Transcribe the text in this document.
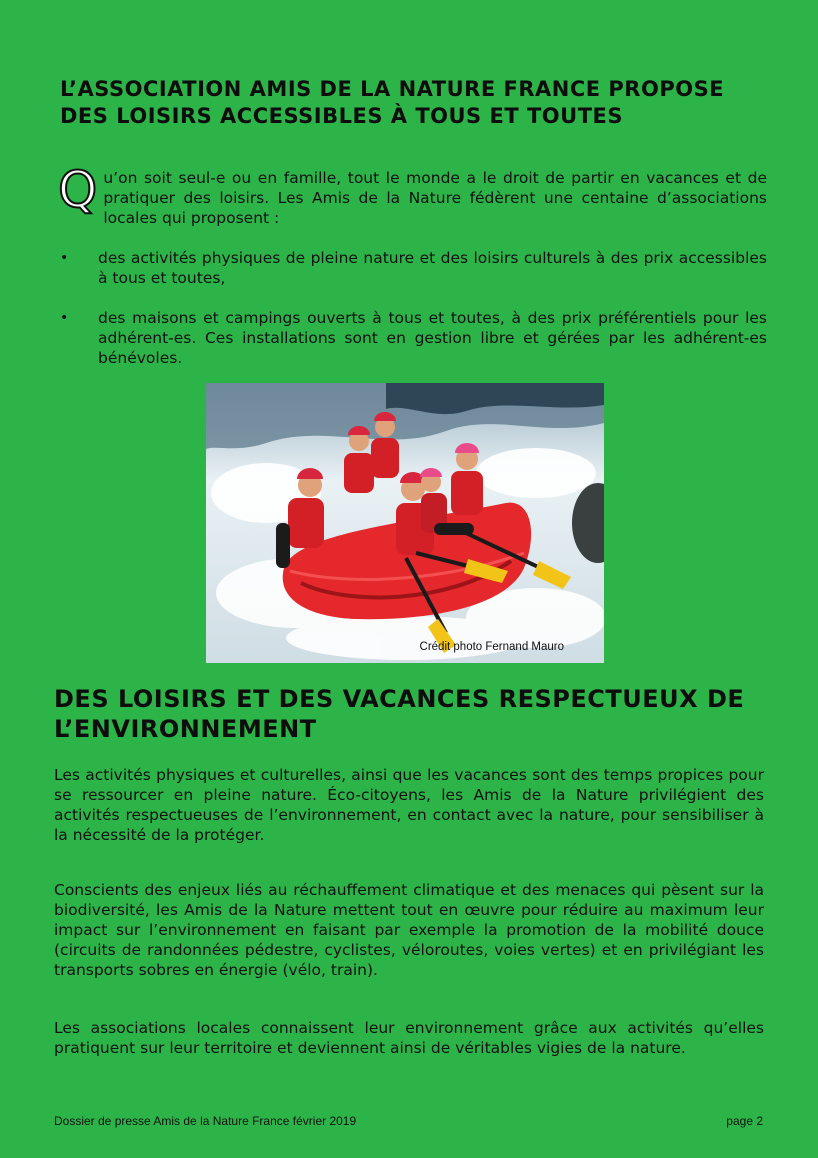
L’ASSOCIATION AMIS DE LA NATURE FRANCE PROPOSE DES LOISIRS ACCESSIBLES À TOUS ET TOUTES
Qu’on soit seul-e ou en famille, tout le monde a le droit de partir en vacances et de pratiquer des loisirs. Les Amis de la Nature fédèrent une centaine d’associations locales qui proposent :
• des activités physiques de pleine nature et des loisirs culturels à des prix accessibles à tous et toutes,
• des maisons et campings ouverts à tous et toutes, à des prix préférentiels pour les adhérent-es. Ces installations sont en gestion libre et gérées par les adhérent-es bénévoles.
Crédit photo Fernand Mauro
DES LOISIRS ET DES VACANCES RESPECTUEUX DE L’ENVIRONNEMENT

Les activités physiques et culturelles, ainsi que les vacances sont des temps propices pour se ressourcer en pleine nature. Éco-citoyens, les Amis de la Nature privilégient des activités respectueuses de l’environnement, en contact avec la nature, pour sensibiliser à la nécessité de la protéger.

Conscients des enjeux liés au réchauffement climatique et des menaces qui pèsent sur la biodiversité, les Amis de la Nature mettent tout en œuvre pour réduire au maximum leur impact sur l’environnement en faisant par exemple la promotion de la mobilité douce (circuits de randonnées pédestre, cyclistes, véloroutes, voies vertes) et en privilégiant les transports sobres en énergie (vélo, train).

Les associations locales connaissent leur environnement grâce aux activités qu’elles pratiquent sur leur territoire et deviennent ainsi de véritables vigies de la nature.

Dossier de presse Amis de la Nature France février 2019	page 2
